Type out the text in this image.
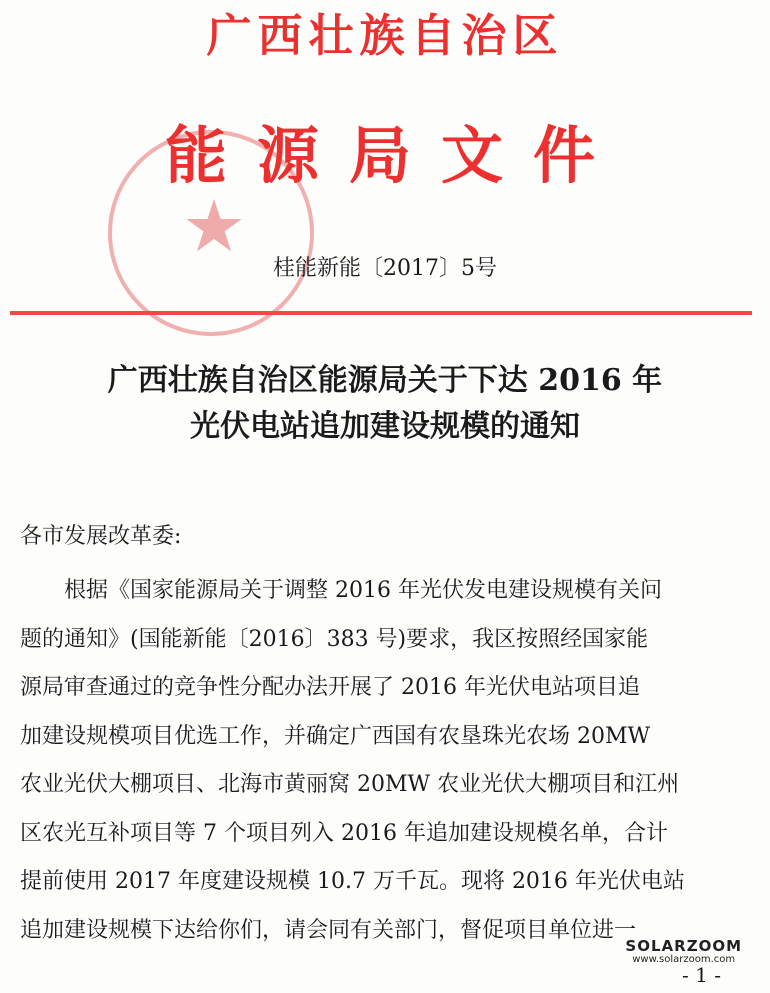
★
广西壮族自治区
能源局文件
桂能新能〔2017〕5号
广西壮族自治区能源局关于下达 2016 年
光伏电站追加建设规模的通知
各市发展改革委:
　　根据《国家能源局关于调整 2016 年光伏发电建设规模有关问
题的通知》(国能新能〔2016〕383 号)要求，我区按照经国家能
源局审查通过的竞争性分配办法开展了 2016 年光伏电站项目追
加建设规模项目优选工作，并确定广西国有农垦珠光农场 20MW
农业光伏大棚项目、北海市黄丽窝 20MW 农业光伏大棚项目和江州
区农光互补项目等 7 个项目列入 2016 年追加建设规模名单，合计
提前使用 2017 年度建设规模 10.7 万千瓦。现将 2016 年光伏电站
追加建设规模下达给你们，请会同有关部门，督促项目单位进一
SOLARZOOM
www.solarzoom.com
- 1 -
